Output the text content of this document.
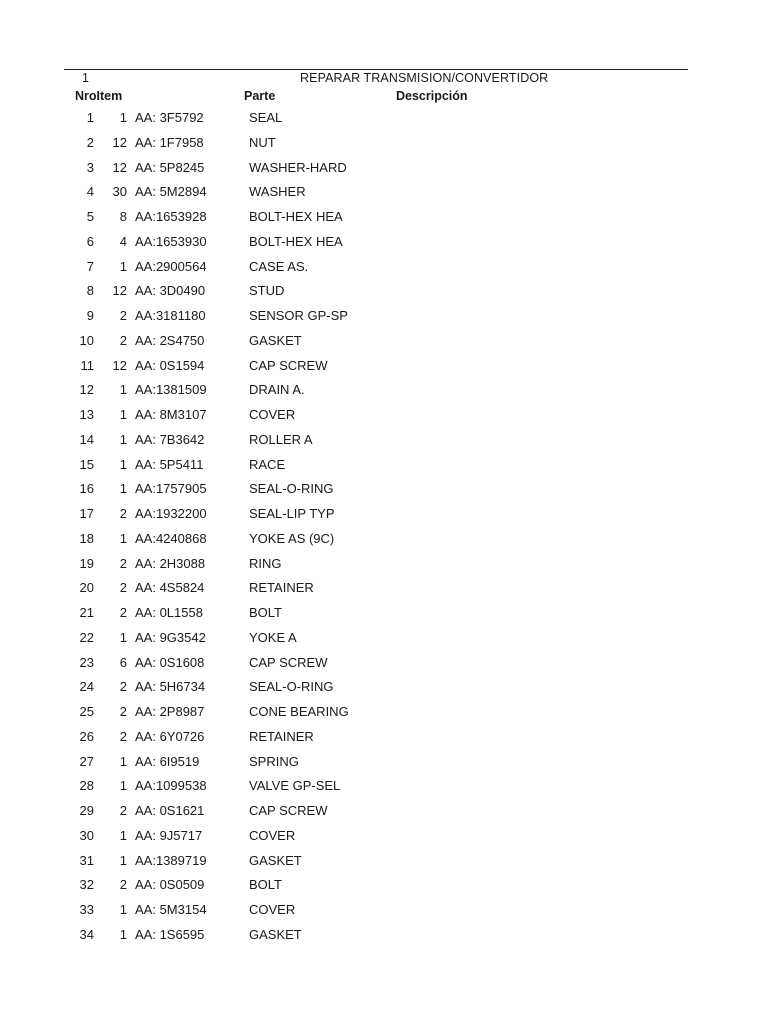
1	REPARAR TRANSMISION/CONVERTIDOR
NroItem	Parte	Descripción
1 1 AA: 3F5792	SEAL
2 12 AA: 1F7958	NUT
3 12 AA: 5P8245	WASHER-HARD
4 30 AA: 5M2894	WASHER
5 8 AA:1653928	BOLT-HEX HEA
6 4 AA:1653930	BOLT-HEX HEA
7 1 AA:2900564	CASE AS.
8 12 AA: 3D0490	STUD
9 2 AA:3181180	SENSOR GP-SP
10 2 AA: 2S4750	GASKET
11 12 AA: 0S1594	CAP SCREW
12 1 AA:1381509	DRAIN A.
13 1 AA: 8M3107	COVER
14 1 AA: 7B3642	ROLLER A
15 1 AA: 5P5411	RACE
16 1 AA:1757905	SEAL-O-RING
17 2 AA:1932200	SEAL-LIP TYP
18 1 AA:4240868	YOKE AS (9C)
19 2 AA: 2H3088	RING
20 2 AA: 4S5824	RETAINER
21 2 AA: 0L1558	BOLT
22 1 AA: 9G3542	YOKE A
23 6 AA: 0S1608	CAP SCREW
24 2 AA: 5H6734	SEAL-O-RING
25 2 AA: 2P8987	CONE BEARING
26 2 AA: 6Y0726	RETAINER
27 1 AA: 6I9519	SPRING
28 1 AA:1099538	VALVE GP-SEL
29 2 AA: 0S1621	CAP SCREW
30 1 AA: 9J5717	COVER
31 1 AA:1389719	GASKET
32 2 AA: 0S0509	BOLT
33 1 AA: 5M3154	COVER
34 1 AA: 1S6595	GASKET
